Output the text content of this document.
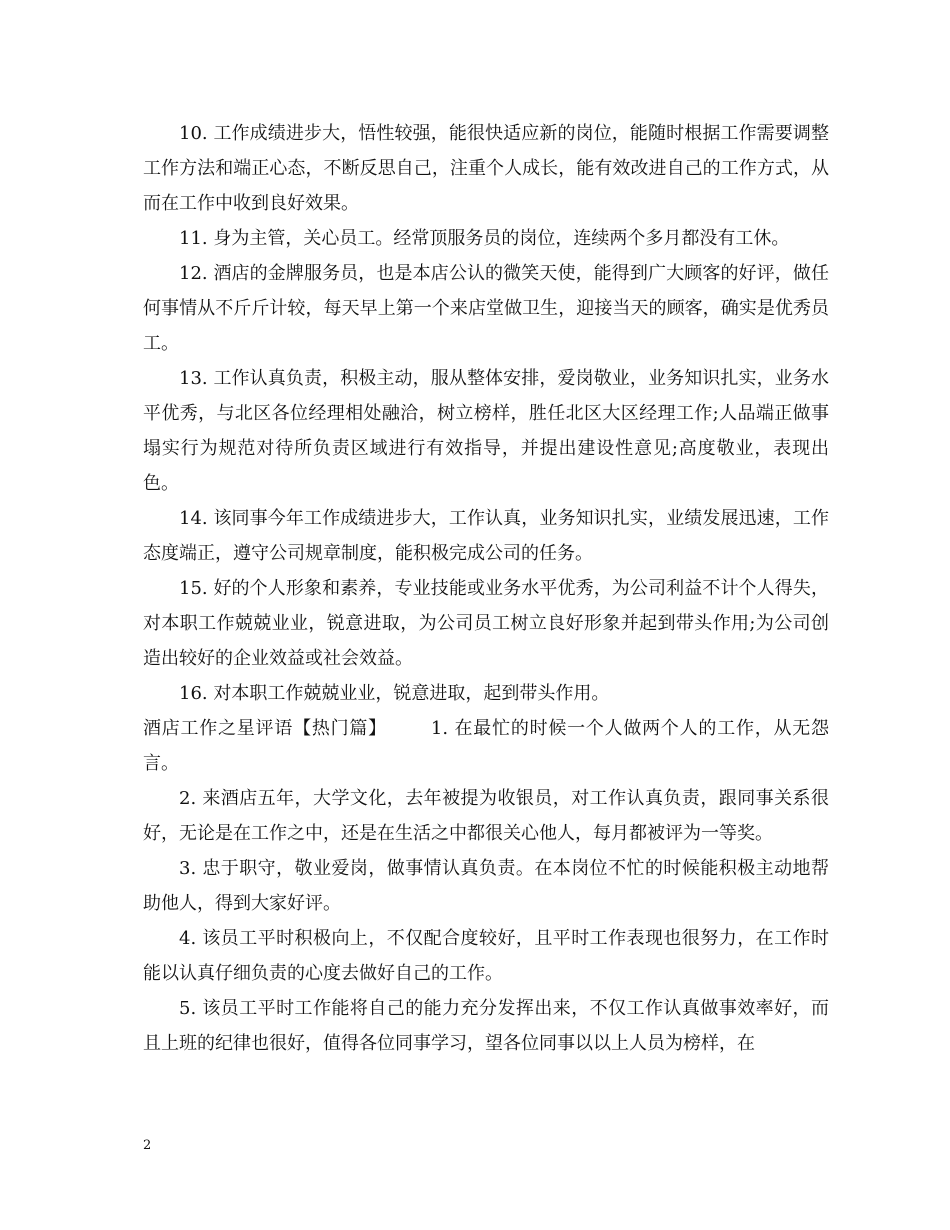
10. 工作成绩进步大，悟性较强，能很快适应新的岗位，能随时根据工作需要调整工作方法和端正心态，不断反思自己，注重个人成长，能有效改进自己的工作方式，从而在工作中收到良好效果。

11. 身为主管，关心员工。经常顶服务员的岗位，连续两个多月都没有工休。

12. 酒店的金牌服务员，也是本店公认的微笑天使，能得到广大顾客的好评，做任何事情从不斤斤计较，每天早上第一个来店堂做卫生，迎接当天的顾客，确实是优秀员工。

13. 工作认真负责，积极主动，服从整体安排，爱岗敬业，业务知识扎实，业务水平优秀，与北区各位经理相处融洽，树立榜样，胜任北区大区经理工作;人品端正做事塌实行为规范对待所负责区域进行有效指导，并提出建设性意见;高度敬业，表现出色。

14. 该同事今年工作成绩进步大，工作认真，业务知识扎实，业绩发展迅速，工作态度端正，遵守公司规章制度，能积极完成公司的任务。

15. 好的个人形象和素养，专业技能或业务水平优秀，为公司利益不计个人得失，对本职工作兢兢业业，锐意进取，为公司员工树立良好形象并起到带头作用;为公司创造出较好的企业效益或社会效益。

16. 对本职工作兢兢业业，锐意进取，起到带头作用。

酒店工作之星评语【热门篇】 1. 在最忙的时候一个人做两个人的工作，从无怨言。

2. 来酒店五年，大学文化，去年被提为收银员，对工作认真负责，跟同事关系很好，无论是在工作之中，还是在生活之中都很关心他人，每月都被评为一等奖。

3. 忠于职守，敬业爱岗，做事情认真负责。在本岗位不忙的时候能积极主动地帮助他人，得到大家好评。

4. 该员工平时积极向上，不仅配合度较好，且平时工作表现也很努力，在工作时能以认真仔细负责的心度去做好自己的工作。

5. 该员工平时工作能将自己的能力充分发挥出来，不仅工作认真做事效率好，而且上班的纪律也很好，值得各位同事学习，望各位同事以以上人员为榜样，在

2
